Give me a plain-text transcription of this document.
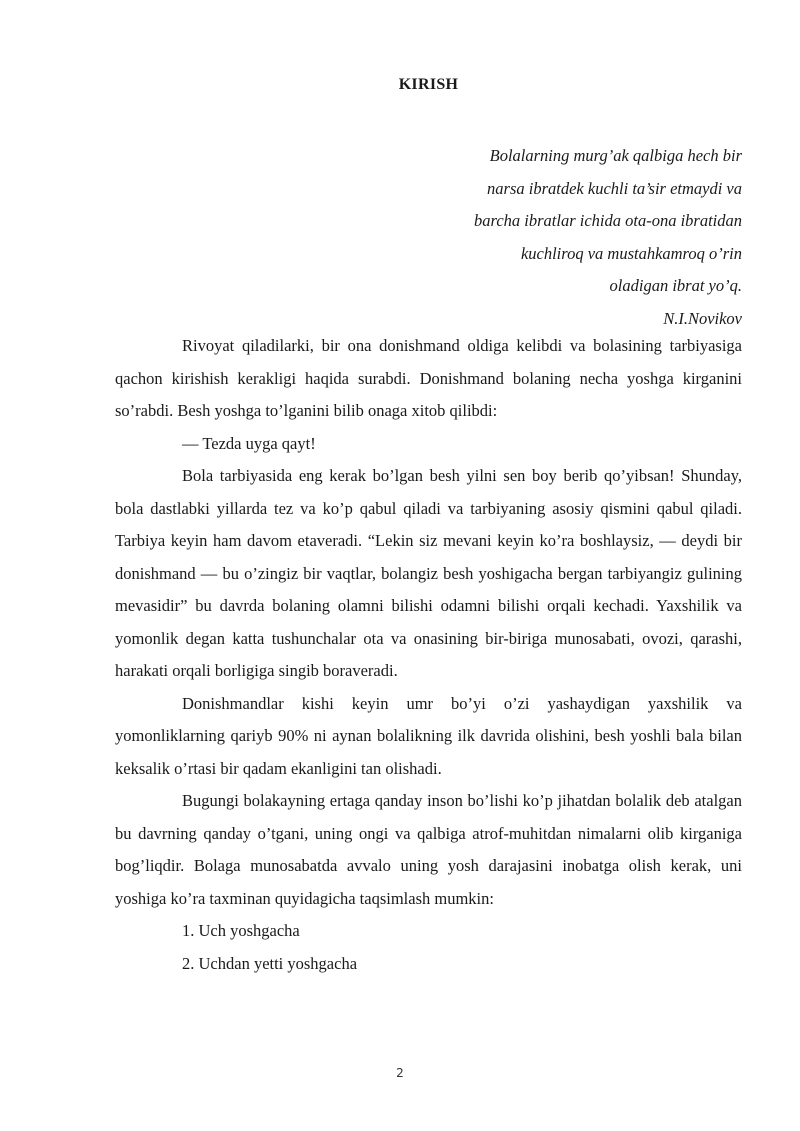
KIRISH
Bolalarning murg’ak qalbiga hech bir
narsa ibratdek kuchli ta’sir etmaydi va
barcha ibratlar ichida ota-ona ibratidan
kuchliroq va mustahkamroq o’rin
oladigan ibrat yo’q.
N.I.Novikov

Rivoyat qiladilarki, bir ona donishmand oldiga kelibdi va bolasining tarbiyasiga qachon kirishish kerakligi haqida surabdi. Donishmand bolaning necha yoshga kirganini so’rabdi. Besh yoshga to’lganini bilib onaga xitob qilibdi:

— Tezda uyga qayt!

Bola tarbiyasida eng kerak bo’lgan besh yilni sen boy berib qo’yibsan! Shunday, bola dastlabki yillarda tez va ko’p qabul qiladi va tarbiyaning asosiy qismini qabul qiladi. Tarbiya keyin ham davom etaveradi. “Lekin siz mevani keyin ko’ra boshlaysiz, — deydi bir donishmand — bu o’zingiz bir vaqtlar, bolangiz besh yoshigacha bergan tarbiyangiz gulining mevasidir” bu davrda bolaning olamni bilishi odamni bilishi orqali kechadi. Yaxshilik va yomonlik degan katta tushunchalar ota va onasining bir-biriga munosabati, ovozi, qarashi, harakati orqali borligiga singib boraveradi.

Donishmandlar kishi keyin umr bo’yi o’zi yashaydigan yaxshilik va yomonliklarning qariyb 90% ni aynan bolalikning ilk davrida olishini, besh yoshli bala bilan keksalik o’rtasi bir qadam ekanligini tan olishadi.

Bugungi bolakayning ertaga qanday inson bo’lishi ko’p jihatdan bolalik deb atalgan bu davrning qanday o’tgani, uning ongi va qalbiga atrof-muhitdan nimalarni olib kirganiga bog’liqdir. Bolaga munosabatda avvalo uning yosh darajasini inobatga olish kerak, uni yoshiga ko’ra taxminan quyidagicha taqsimlash mumkin:

1. Uch yoshgacha

2. Uchdan yetti yoshgacha

2
